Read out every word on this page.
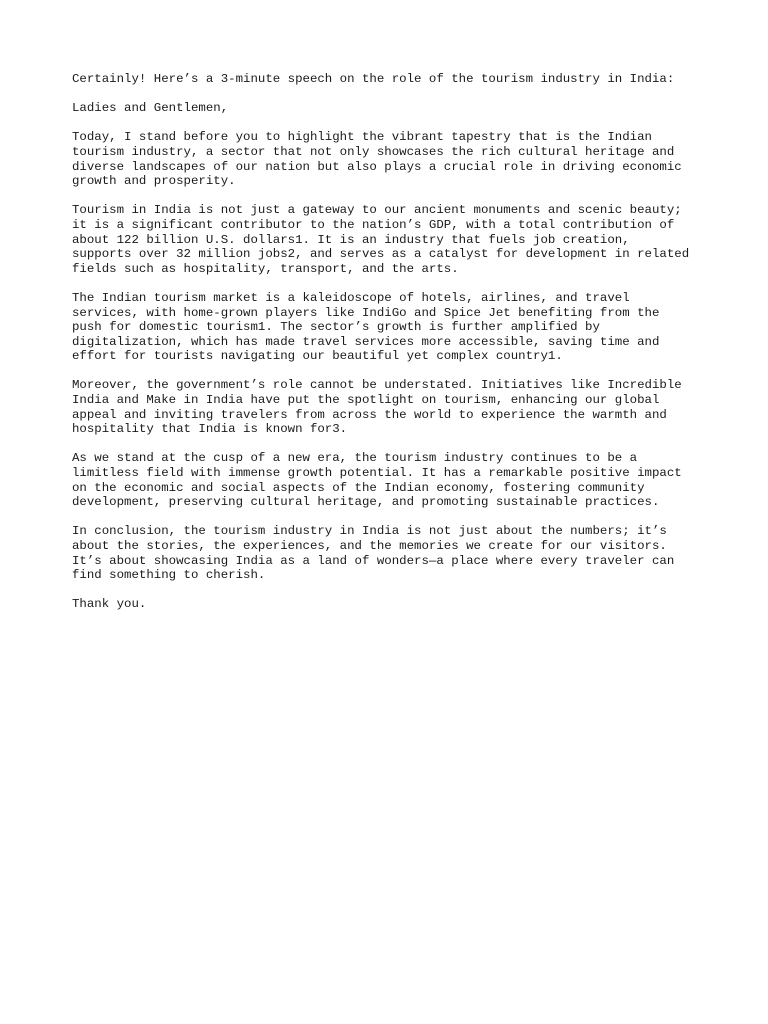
Certainly! Here’s a 3-minute speech on the role of the tourism industry in India:

Ladies and Gentlemen,

Today, I stand before you to highlight the vibrant tapestry that is the Indian
tourism industry, a sector that not only showcases the rich cultural heritage and
diverse landscapes of our nation but also plays a crucial role in driving economic
growth and prosperity.

Tourism in India is not just a gateway to our ancient monuments and scenic beauty;
it is a significant contributor to the nation’s GDP, with a total contribution of
about 122 billion U.S. dollars1. It is an industry that fuels job creation,
supports over 32 million jobs2, and serves as a catalyst for development in related
fields such as hospitality, transport, and the arts.

The Indian tourism market is a kaleidoscope of hotels, airlines, and travel
services, with home-grown players like IndiGo and Spice Jet benefiting from the
push for domestic tourism1. The sector’s growth is further amplified by
digitalization, which has made travel services more accessible, saving time and
effort for tourists navigating our beautiful yet complex country1.

Moreover, the government’s role cannot be understated. Initiatives like Incredible
India and Make in India have put the spotlight on tourism, enhancing our global
appeal and inviting travelers from across the world to experience the warmth and
hospitality that India is known for3.

As we stand at the cusp of a new era, the tourism industry continues to be a
limitless field with immense growth potential. It has a remarkable positive impact
on the economic and social aspects of the Indian economy, fostering community
development, preserving cultural heritage, and promoting sustainable practices.

In conclusion, the tourism industry in India is not just about the numbers; it’s
about the stories, the experiences, and the memories we create for our visitors.
It’s about showcasing India as a land of wonders—a place where every traveler can
find something to cherish.

Thank you.
